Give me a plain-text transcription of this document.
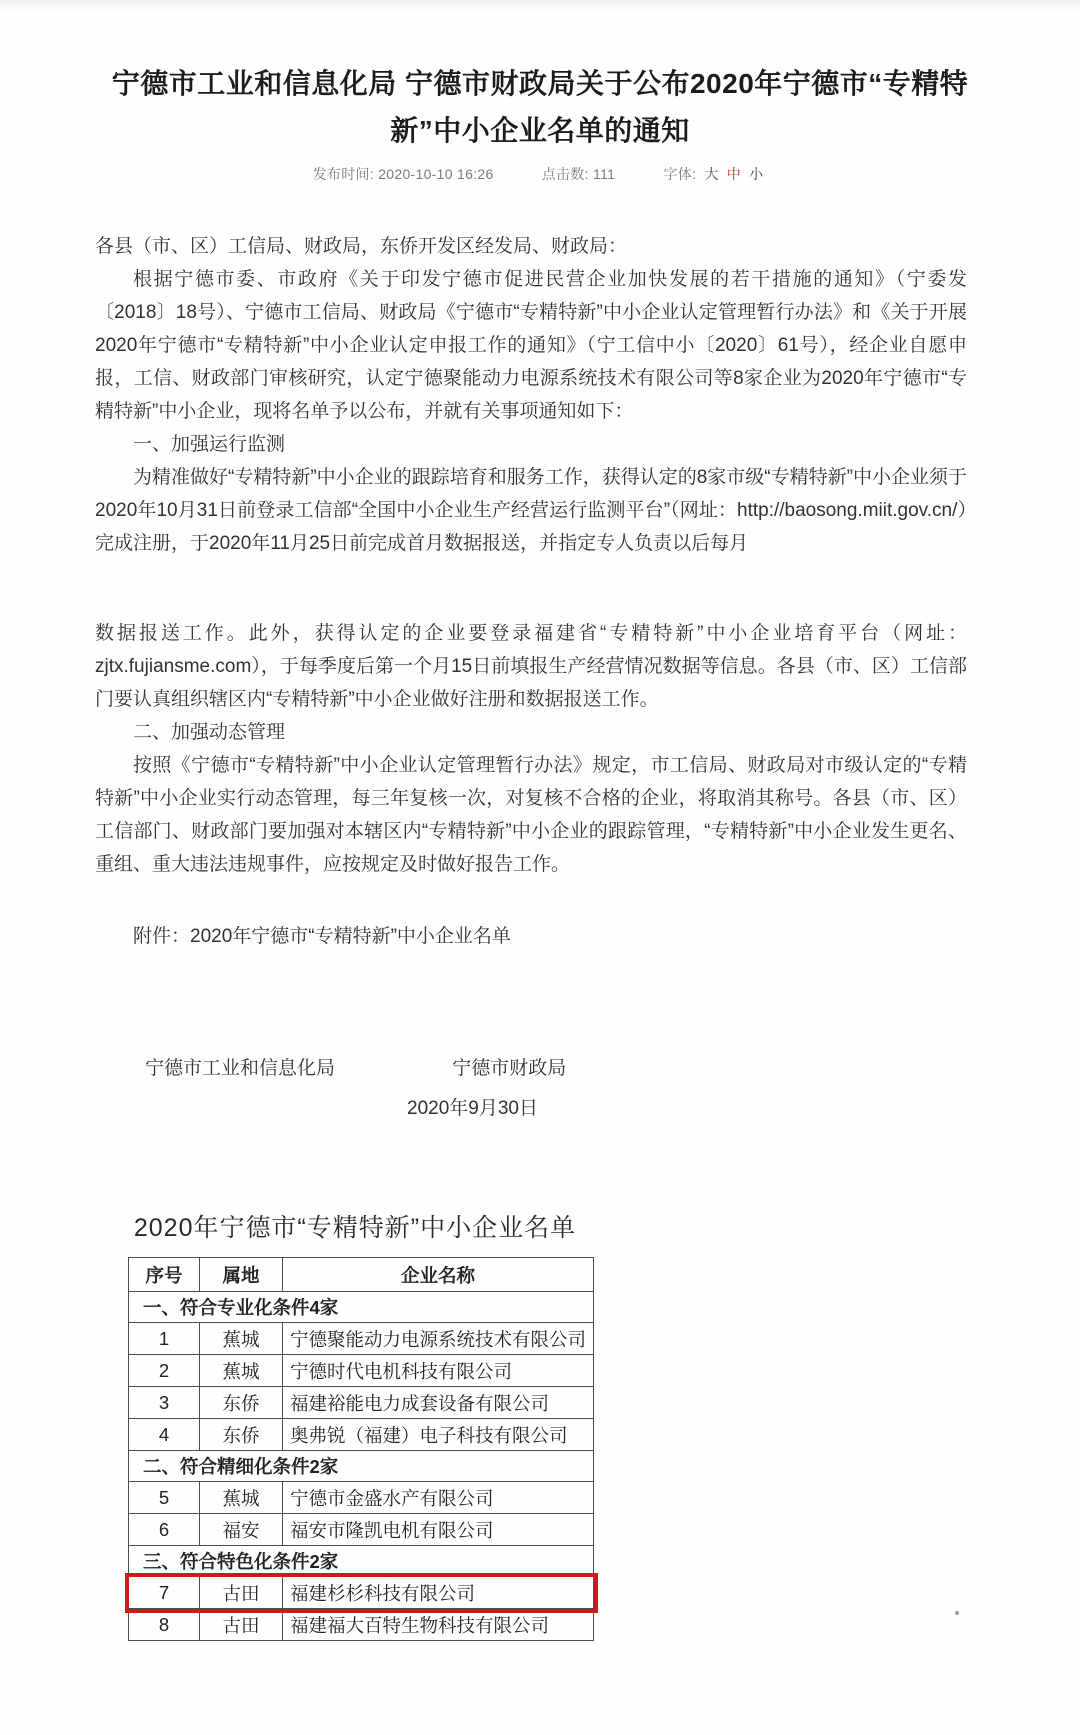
宁德市工业和信息化局 宁德市财政局关于公布2020年宁德市“专精特新”中小企业名单的通知
发布时间: 2020-10-10 16:26	点击数: 111	字体: 大 中 小
各县（市、区）工信局、财政局，东侨开发区经发局、财政局：
根据宁德市委、市政府《关于印发宁德市促进民营企业加快发展的若干措施的通知》（宁委发〔2018〕18号）、宁德市工信局、财政局《宁德市“专精特新”中小企业认定管理暂行办法》和《关于开展2020年宁德市“专精特新”中小企业认定申报工作的通知》（宁工信中小〔2020〕61号），经企业自愿申报，工信、财政部门审核研究，认定宁德聚能动力电源系统技术有限公司等8家企业为2020年宁德市“专精特新”中小企业，现将名单予以公布，并就有关事项通知如下：
一、加强运行监测
为精准做好“专精特新”中小企业的跟踪培育和服务工作，获得认定的8家市级“专精特新”中小企业须于2020年10月31日前登录工信部“全国中小企业生产经营运行监测平台”（网址：http://baosong.miit.gov.cn/）完成注册，于2020年11月25日前完成首月数据报送，并指定专人负责以后每月
数据报送工作。此外，获得认定的企业要登录福建省“专精特新”中小企业培育平台（网址：zjtx.fujiansme.com），于每季度后第一个月15日前填报生产经营情况数据等信息。各县（市、区）工信部门要认真组织辖区内“专精特新”中小企业做好注册和数据报送工作。
二、加强动态管理
按照《宁德市“专精特新”中小企业认定管理暂行办法》规定，市工信局、财政局对市级认定的“专精特新”中小企业实行动态管理，每三年复核一次，对复核不合格的企业，将取消其称号。各县（市、区）工信部门、财政部门要加强对本辖区内“专精特新”中小企业的跟踪管理，“专精特新”中小企业发生更名、重组、重大违法违规事件，应按规定及时做好报告工作。
附件：2020年宁德市“专精特新”中小企业名单
宁德市工业和信息化局	宁德市财政局
2020年9月30日
2020年宁德市“专精特新”中小企业名单
序号	属地	企业名称
一、符合专业化条件4家		
1	蕉城	宁德聚能动力电源系统技术有限公司
2	蕉城	宁德时代电机科技有限公司
3	东侨	福建裕能电力成套设备有限公司
4	东侨	奥弗锐（福建）电子科技有限公司
二、符合精细化条件2家		
5	蕉城	宁德市金盛水产有限公司
6	福安	福安市隆凯电机有限公司
三、符合特色化条件2家		
7	古田	福建杉杉科技有限公司
8	古田	福建福大百特生物科技有限公司
